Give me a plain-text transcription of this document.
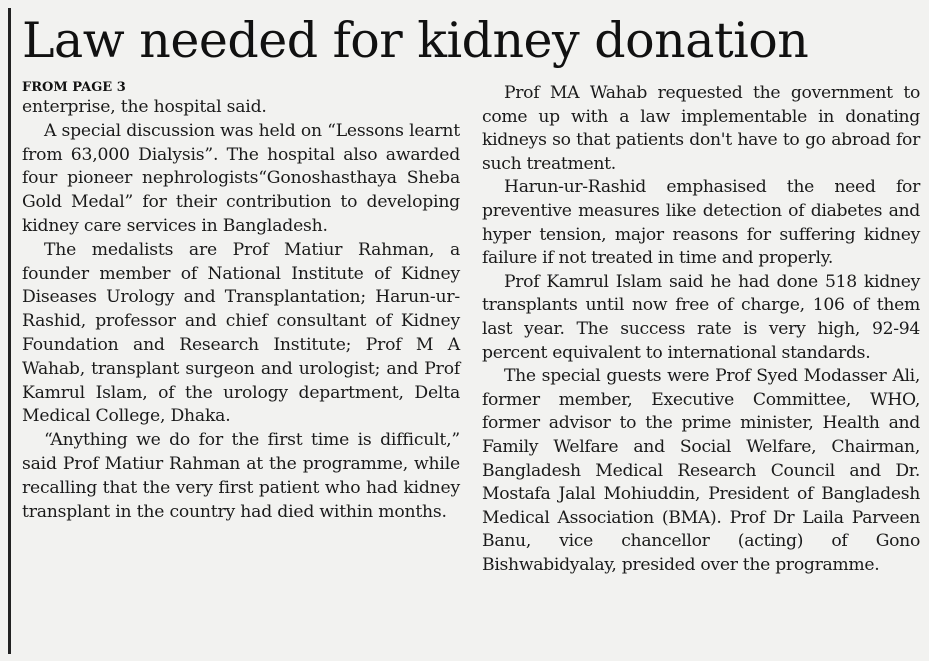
Law needed for kidney donation

FROM PAGE 3

enterprise, the hospital said.

A special discussion was held on “Lessons learnt from 63,000 Dialysis”. The hospital also awarded four pioneer nephrologists“Gonoshasthaya Sheba Gold Medal” for their contribution to developing kidney care services in Bangladesh.

The medalists are Prof Matiur Rahman, a founder member of National Institute of Kidney Diseases Urology and Transplantation; Harun-ur-Rashid, professor and chief consultant of Kidney Foundation and Research Institute; Prof M A Wahab, transplant surgeon and urologist; and Prof Kamrul Islam, of the urology department, Delta Medical College, Dhaka.

“Anything we do for the first time is difficult,” said Prof Matiur Rahman at the programme, while recalling that the very first patient who had kidney transplant in the country had died within months.

Prof MA Wahab requested the government to come up with a law implementable in donating kidneys so that patients don't have to go abroad for such treatment.

Harun-ur-Rashid emphasised the need for preventive measures like detection of diabetes and hyper tension, major reasons for suffering kidney failure if not treated in time and properly.

Prof Kamrul Islam said he had done 518 kidney transplants until now free of charge, 106 of them last year. The success rate is very high, 92-94 percent equivalent to international standards.

The special guests were Prof Syed Modasser Ali, former member, Executive Committee, WHO, former advisor to the prime minister, Health and Family Welfare and Social Welfare, Chairman, Bangladesh Medical Research Council and Dr. Mostafa Jalal Mohiuddin, President of Bangladesh Medical Association (BMA). Prof Dr Laila Parveen Banu, vice chancellor (acting) of Gono Bishwabidyalay, presided over the programme.
